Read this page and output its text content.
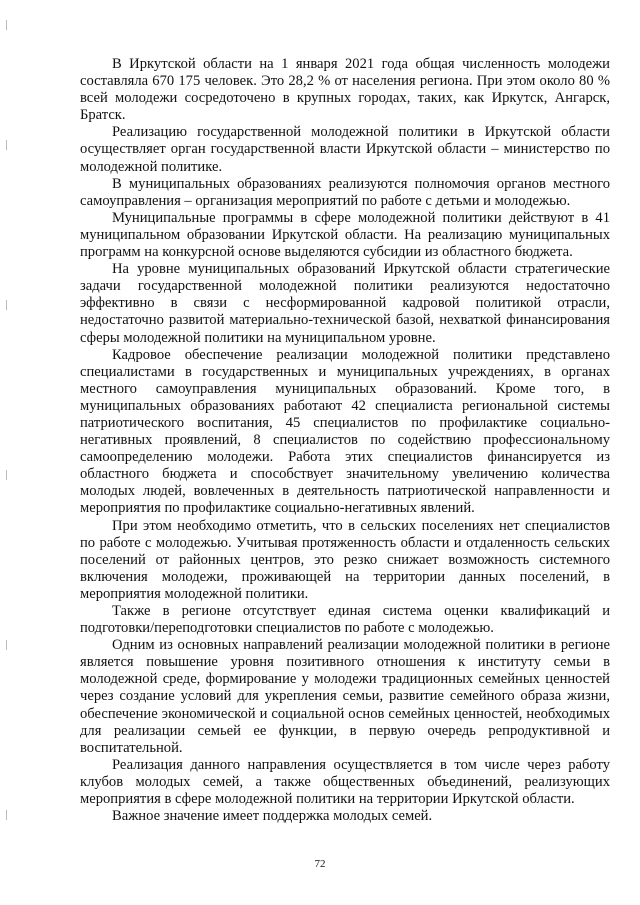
В Иркутской области на 1 января 2021 года общая численность молодежи составляла 670 175 человек. Это 28,2 % от населения региона. При этом около 80 % всей молодежи сосредоточено в крупных городах, таких, как Иркутск, Ангарск, Братск.

Реализацию государственной молодежной политики в Иркутской области осуществляет орган государственной власти Иркутской области – министерство по молодежной политике.

В муниципальных образованиях реализуются полномочия органов местного самоуправления – организация мероприятий по работе с детьми и молодежью.

Муниципальные программы в сфере молодежной политики действуют в 41 муниципальном образовании Иркутской области. На реализацию муниципальных программ на конкурсной основе выделяются субсидии из областного бюджета.

На уровне муниципальных образований Иркутской области стратегические задачи государственной молодежной политики реализуются недостаточно эффективно в связи с несформированной кадровой политикой отрасли, недостаточно развитой материально-технической базой, нехваткой финансирования сферы молодежной политики на муниципальном уровне.

Кадровое обеспечение реализации молодежной политики представлено специалистами в государственных и муниципальных учреждениях, в органах местного самоуправления муниципальных образований. Кроме того, в муниципальных образованиях работают 42 специалиста региональной системы патриотического воспитания, 45 специалистов по профилактике социально-негативных проявлений, 8 специалистов по содействию профессиональному самоопределению молодежи. Работа этих специалистов финансируется из областного бюджета и способствует значительному увеличению количества молодых людей, вовлеченных в деятельность патриотической направленности и мероприятия по профилактике социально-негативных явлений.

При этом необходимо отметить, что в сельских поселениях нет специалистов по работе с молодежью. Учитывая протяженность области и отдаленность сельских поселений от районных центров, это резко снижает возможность системного включения молодежи, проживающей на территории данных поселений, в мероприятия молодежной политики.

Также в регионе отсутствует единая система оценки квалификаций и подготовки/переподготовки специалистов по работе с молодежью.

Одним из основных направлений реализации молодежной политики в регионе является повышение уровня позитивного отношения к институту семьи в молодежной среде, формирование у молодежи традиционных семейных ценностей через создание условий для укрепления семьи, развитие семейного образа жизни, обеспечение экономической и социальной основ семейных ценностей, необходимых для реализации семьей ее функции, в первую очередь репродуктивной и воспитательной.

Реализация данного направления осуществляется в том числе через работу клубов молодых семей, а также общественных объединений, реализующих мероприятия в сфере молодежной политики на территории Иркутской области.

Важное значение имеет поддержка молодых семей.

72
